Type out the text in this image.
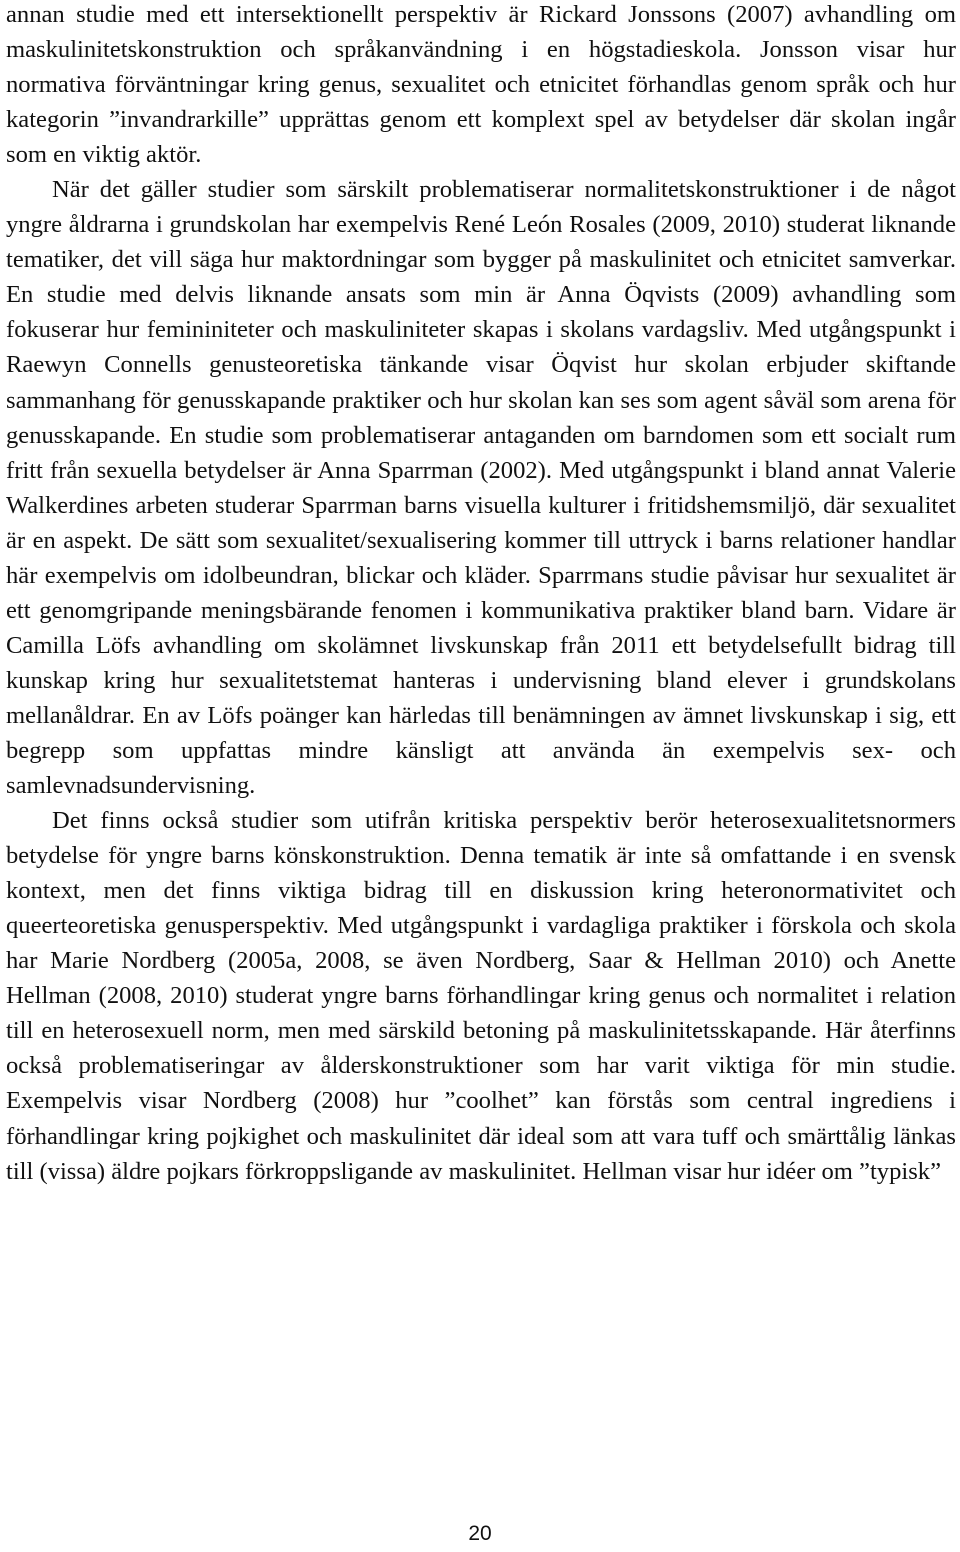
annan studie med ett intersektionellt perspektiv är Rickard Jonssons (2007) avhandling om maskulinitetskonstruktion och språkanvändning i en högstadieskola. Jonsson visar hur normativa förväntningar kring genus, sexualitet och etnicitet förhandlas genom språk och hur kategorin ”invandrarkille” upprättas genom ett komplext spel av betydelser där skolan ingår som en viktig aktör.

När det gäller studier som särskilt problematiserar normalitetskonstruktioner i de något yngre åldrarna i grundskolan har exempelvis René León Rosales (2009, 2010) studerat liknande tematiker, det vill säga hur maktordningar som bygger på maskulinitet och etnicitet samverkar. En studie med delvis liknande ansats som min är Anna Öqvists (2009) avhandling som fokuserar hur femininiteter och maskuliniteter skapas i skolans vardagsliv. Med utgångspunkt i Raewyn Connells genusteoretiska tänkande visar Öqvist hur skolan erbjuder skiftande sammanhang för genusskapande praktiker och hur skolan kan ses som agent såväl som arena för genusskapande. En studie som problematiserar antaganden om barndomen som ett socialt rum fritt från sexuella betydelser är Anna Sparrman (2002). Med utgångspunkt i bland annat Valerie Walkerdines arbeten studerar Sparrman barns visuella kulturer i fritidshemsmiljö, där sexualitet är en aspekt. De sätt som sexualitet/sexualisering kommer till uttryck i barns relationer handlar här exempelvis om idolbeundran, blickar och kläder. Sparrmans studie påvisar hur sexualitet är ett genomgripande meningsbärande fenomen i kommunikativa praktiker bland barn. Vidare är Camilla Löfs avhandling om skolämnet livskunskap från 2011 ett betydelsefullt bidrag till kunskap kring hur sexualitetstemat hanteras i undervisning bland elever i grundskolans mellanåldrar. En av Löfs poänger kan härledas till benämningen av ämnet livskunskap i sig, ett begrepp som uppfattas mindre känsligt att använda än exempelvis sex- och samlevnadsundervisning.

Det finns också studier som utifrån kritiska perspektiv berör heterosexualitetsnormers betydelse för yngre barns könskonstruktion. Denna tematik är inte så omfattande i en svensk kontext, men det finns viktiga bidrag till en diskussion kring heteronormativitet och queerteoretiska genusperspektiv. Med utgångspunkt i vardagliga praktiker i förskola och skola har Marie Nordberg (2005a, 2008, se även Nordberg, Saar & Hellman 2010) och Anette Hellman (2008, 2010) studerat yngre barns förhandlingar kring genus och normalitet i relation till en heterosexuell norm, men med särskild betoning på maskulinitetsskapande. Här återfinns också problematiseringar av ålderskonstruktioner som har varit viktiga för min studie. Exempelvis visar Nordberg (2008) hur ”coolhet” kan förstås som central ingrediens i förhandlingar kring pojkighet och maskulinitet där ideal som att vara tuff och smärttålig länkas till (vissa) äldre pojkars förkroppsligande av maskulinitet. Hellman visar hur idéer om ”typisk”

20
